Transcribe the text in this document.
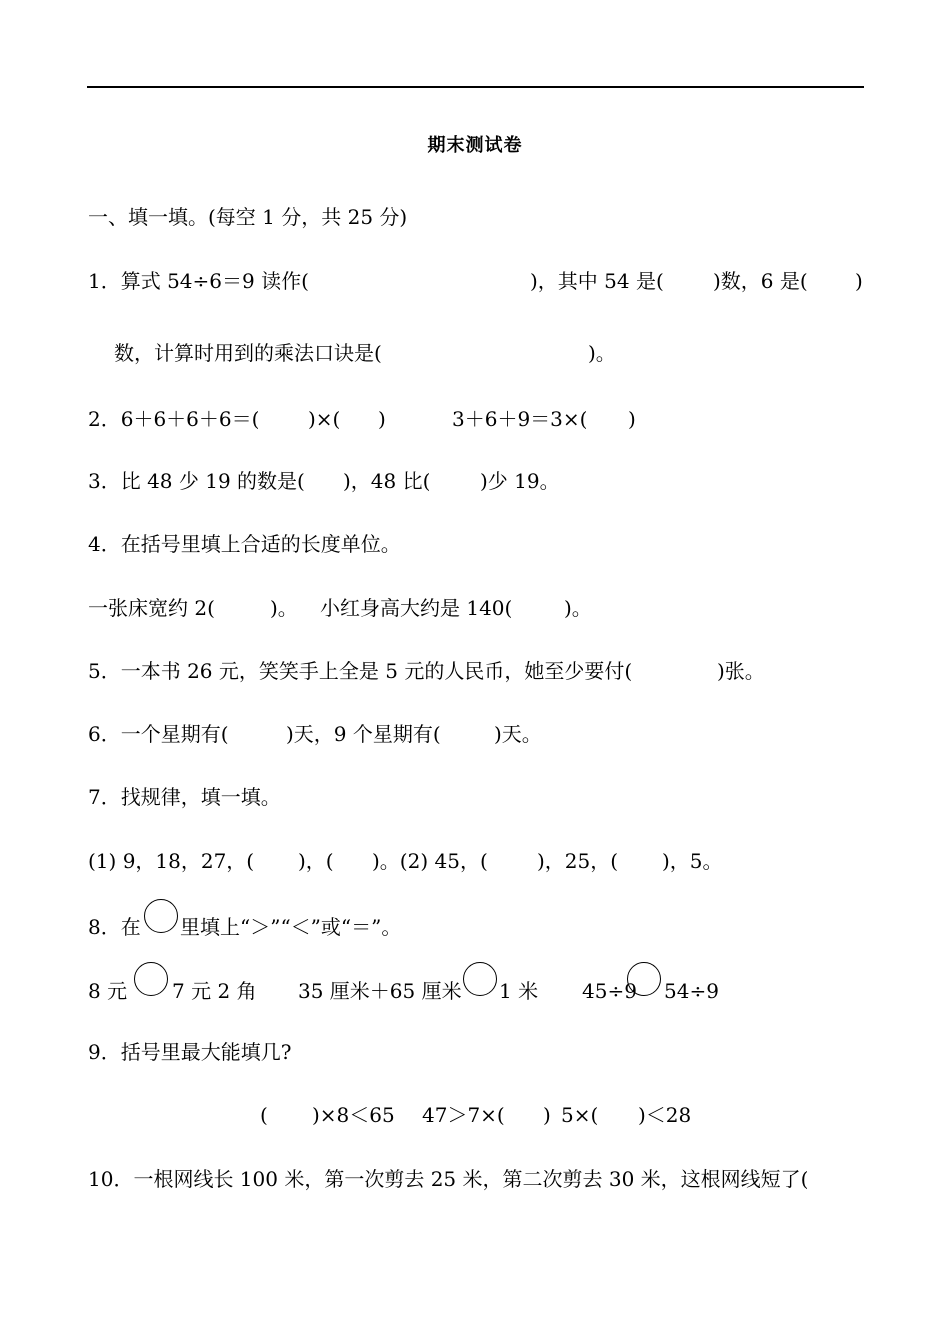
期末测试卷
一、填一填。(每空 1 分，共 25 分)
1．算式 54÷6＝9 读作(	)，其中 54 是( )数，6 是( )
数，计算时用到的乘法口诀是(	)。
2．6＋6＋6＋6＝( )×( )	3＋6＋9＝3×( )
3．比 48 少 19 的数是( )，48 比( )少 19。
4．在括号里填上合适的长度单位。
一张床宽约 2(	)。 小红身高大约是 140(	)。
5．一本书 26 元，笑笑手上全是 5 元的人民币，她至少要付(	)张。
6．一个星期有(	)天，9 个星期有(	)天。
7．找规律，填一填。
(1) 9，18，27，( )，( )。(2) 45，( )，25，( )，5。
8．在 里填上“＞”“＜”或“＝”。
8 元 7 元 2 角 35 厘米＋65 厘米 1 米 45÷9 54÷9
9．括号里最大能填几?
( )×8＜65 47＞7×( ) 5×( )＜28
10．一根网线长 100 米，第一次剪去 25 米，第二次剪去 30 米，这根网线短了(
